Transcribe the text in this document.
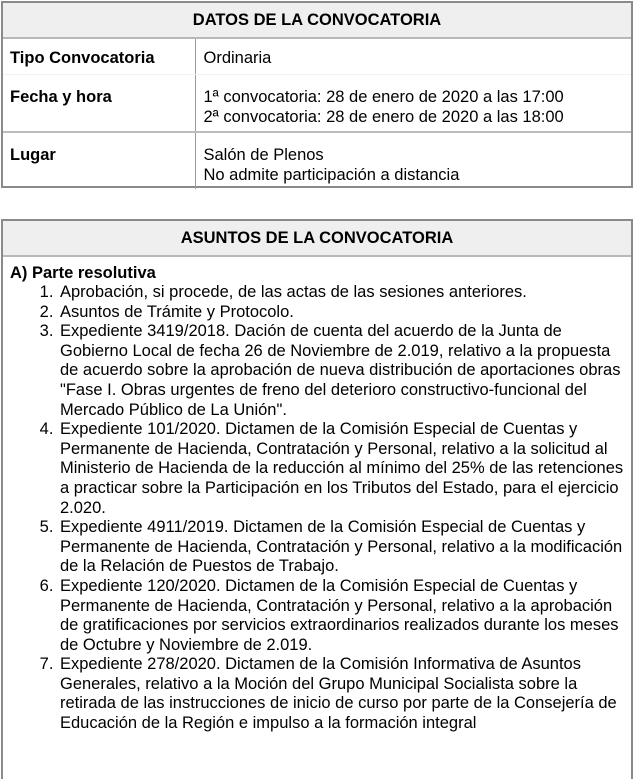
DATOS DE LA CONVOCATORIA
Tipo Convocatoria	Ordinaria

Fecha y hora	1ª convocatoria: 28 de enero de 2020 a las 17:00
2ª convocatoria: 28 de enero de 2020 a las 18:00

Lugar	Salón de Plenos
No admite participación a distancia
ASUNTOS DE LA CONVOCATORIA
A) Parte resolutiva
1. Aprobación, si procede, de las actas de las sesiones anteriores.
2. Asuntos de Trámite y Protocolo.
3. Expediente 3419/2018. Dación de cuenta del acuerdo de la Junta de Gobierno Local de fecha 26 de Noviembre de 2.019, relativo a la propuesta de acuerdo sobre la aprobación de nueva distribución de aportaciones obras "Fase I. Obras urgentes de freno del deterioro constructivo-funcional del Mercado Público de La Unión".
4. Expediente 101/2020. Dictamen de la Comisión Especial de Cuentas y Permanente de Hacienda, Contratación y Personal, relativo a la solicitud al Ministerio de Hacienda de la reducción al mínimo del 25% de las retenciones a practicar sobre la Participación en los Tributos del Estado, para el ejercicio 2.020.
5. Expediente 4911/2019. Dictamen de la Comisión Especial de Cuentas y Permanente de Hacienda, Contratación y Personal, relativo a la modificación de la Relación de Puestos de Trabajo.
6. Expediente 120/2020. Dictamen de la Comisión Especial de Cuentas y Permanente de Hacienda, Contratación y Personal, relativo a la aprobación de gratificaciones por servicios extraordinarios realizados durante los meses de Octubre y Noviembre de 2.019.
7. Expediente 278/2020. Dictamen de la Comisión Informativa de Asuntos Generales, relativo a la Moción del Grupo Municipal Socialista sobre la retirada de las instrucciones de inicio de curso por parte de la Consejería de Educación de la Región e impulso a la formación integral
